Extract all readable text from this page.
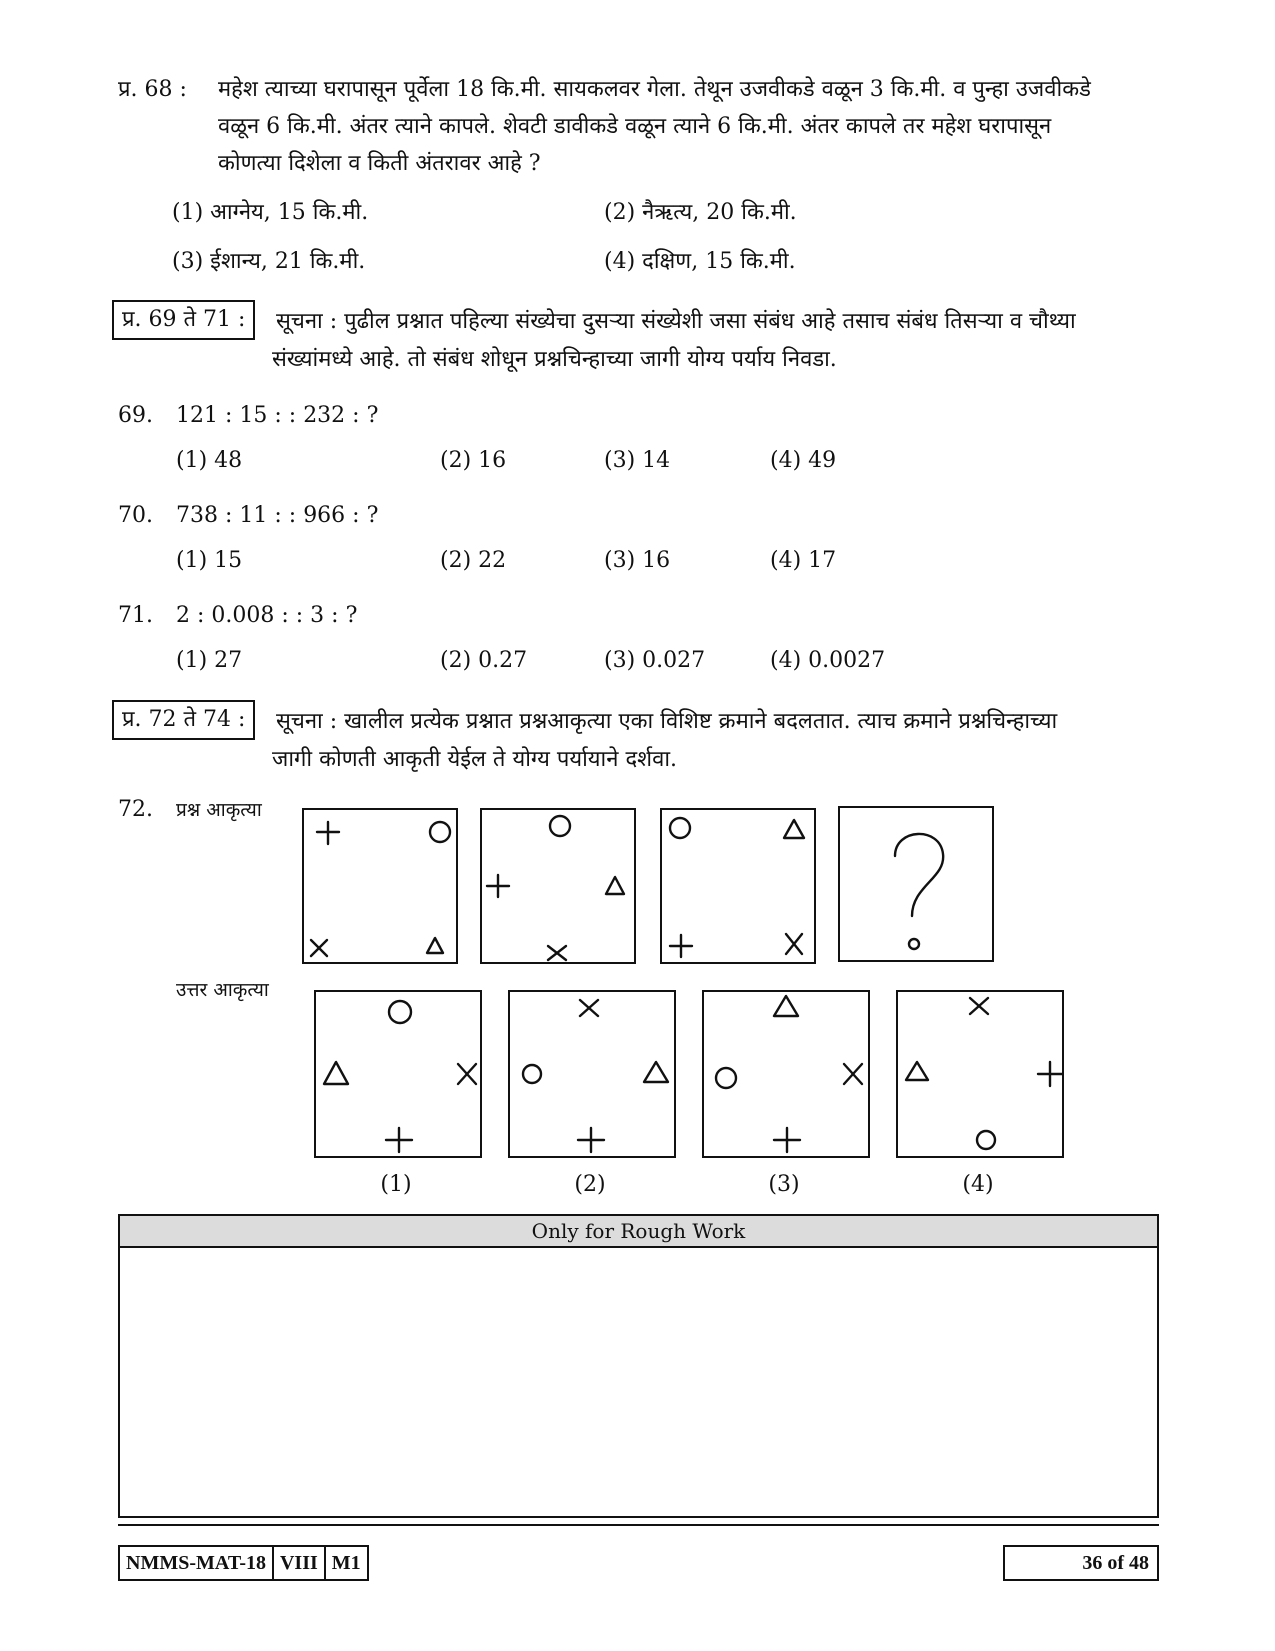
प्र. 68 : महेश त्याच्या घरापासून पूर्वेला 18 कि.मी. सायकलवर गेला. तेथून उजवीकडे वळून 3 कि.मी. व पुन्हा उजवीकडे
वळून 6 कि.मी. अंतर त्याने कापले. शेवटी डावीकडे वळून त्याने 6 कि.मी. अंतर कापले तर महेश घरापासून
कोणत्या दिशेला व किती अंतरावर आहे ?
(1) आग्नेय, 15 कि.मी.	(2) नैऋत्य, 20 कि.मी.
(3) ईशान्य, 21 कि.मी.	(4) दक्षिण, 15 कि.मी.
प्र. 69 ते 71 :	सूचना : पुढील प्रश्नात पहिल्या संख्येचा दुसऱ्या संख्येशी जसा संबंध आहे तसाच संबंध तिसऱ्या व चौथ्या
संख्यांमध्ये आहे. तो संबंध शोधून प्रश्नचिन्हाच्या जागी योग्य पर्याय निवडा.
69. 121 : 15 : : 232 : ?
(1) 48	(2) 16	(3) 14	(4) 49
70. 738 : 11 : : 966 : ?
(1) 15	(2) 22	(3) 16	(4) 17
71. 2 : 0.008 : : 3 : ?
(1) 27	(2) 0.27	(3) 0.027	(4) 0.0027
प्र. 72 ते 74 :	सूचना : खालील प्रत्येक प्रश्नात प्रश्नआकृत्या एका विशिष्ट क्रमाने बदलतात. त्याच क्रमाने प्रश्नचिन्हाच्या
जागी कोणती आकृती येईल ते योग्य पर्यायाने दर्शवा.
72. प्रश्न आकृत्या
उत्तर आकृत्या
(1)	(2)	(3)	(4)
Only for Rough Work
NMMS-MAT-18 VIII M1	36 of 48
